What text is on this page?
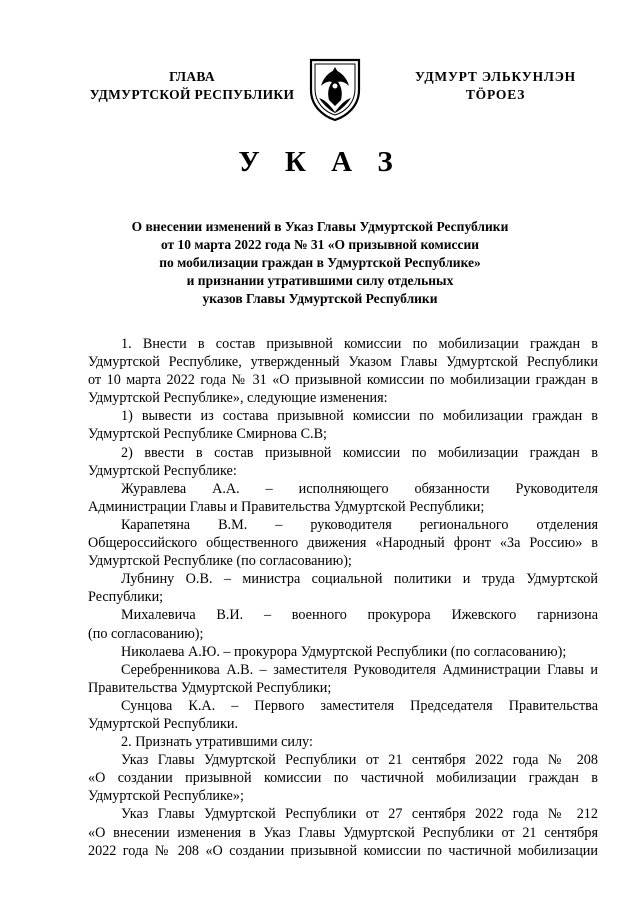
ГЛАВА
УДМУРТСКОЙ РЕСПУБЛИКИ
УДМУРТ ЭЛЬКУНЛЭН
ТӦРОЕЗ
У К А З
О внесении изменений в Указ Главы Удмуртской Республики
от 10 марта 2022 года № 31 «О призывной комиссии
по мобилизации граждан в Удмуртской Республике»
и признании утратившими силу отдельных
указов Главы Удмуртской Республики
1. Внести в состав призывной комиссии по мобилизации граждан в
Удмуртской Республике, утвержденный Указом Главы Удмуртской Республики
от 10 марта 2022 года № 31 «О призывной комиссии по мобилизации граждан в
Удмуртской Республике», следующие изменения:
1) вывести из состава призывной комиссии по мобилизации граждан в
Удмуртской Республике Смирнова С.В;
2) ввести в состав призывной комиссии по мобилизации граждан в
Удмуртской Республике:
Журавлева А.А. – исполняющего обязанности Руководителя
Администрации Главы и Правительства Удмуртской Республики;
Карапетяна В.М. – руководителя регионального отделения
Общероссийского общественного движения «Народный фронт «За Россию» в
Удмуртской Республике (по согласованию);
Лубнину О.В. – министра социальной политики и труда Удмуртской
Республики;
Михалевича В.И. – военного прокурора Ижевского гарнизона
(по согласованию);
Николаева А.Ю. – прокурора Удмуртской Республики (по согласованию);
Серебренникова А.В. – заместителя Руководителя Администрации Главы и
Правительства Удмуртской Республики;
Сунцова К.А. – Первого заместителя Председателя Правительства
Удмуртской Республики.
2. Признать утратившими силу:
Указ Главы Удмуртской Республики от 21 сентября 2022 года № 208
«О создании призывной комиссии по частичной мобилизации граждан в
Удмуртской Республике»;
Указ Главы Удмуртской Республики от 27 сентября 2022 года № 212
«О внесении изменения в Указ Главы Удмуртской Республики от 21 сентября
2022 года № 208 «О создании призывной комиссии по частичной мобилизации
